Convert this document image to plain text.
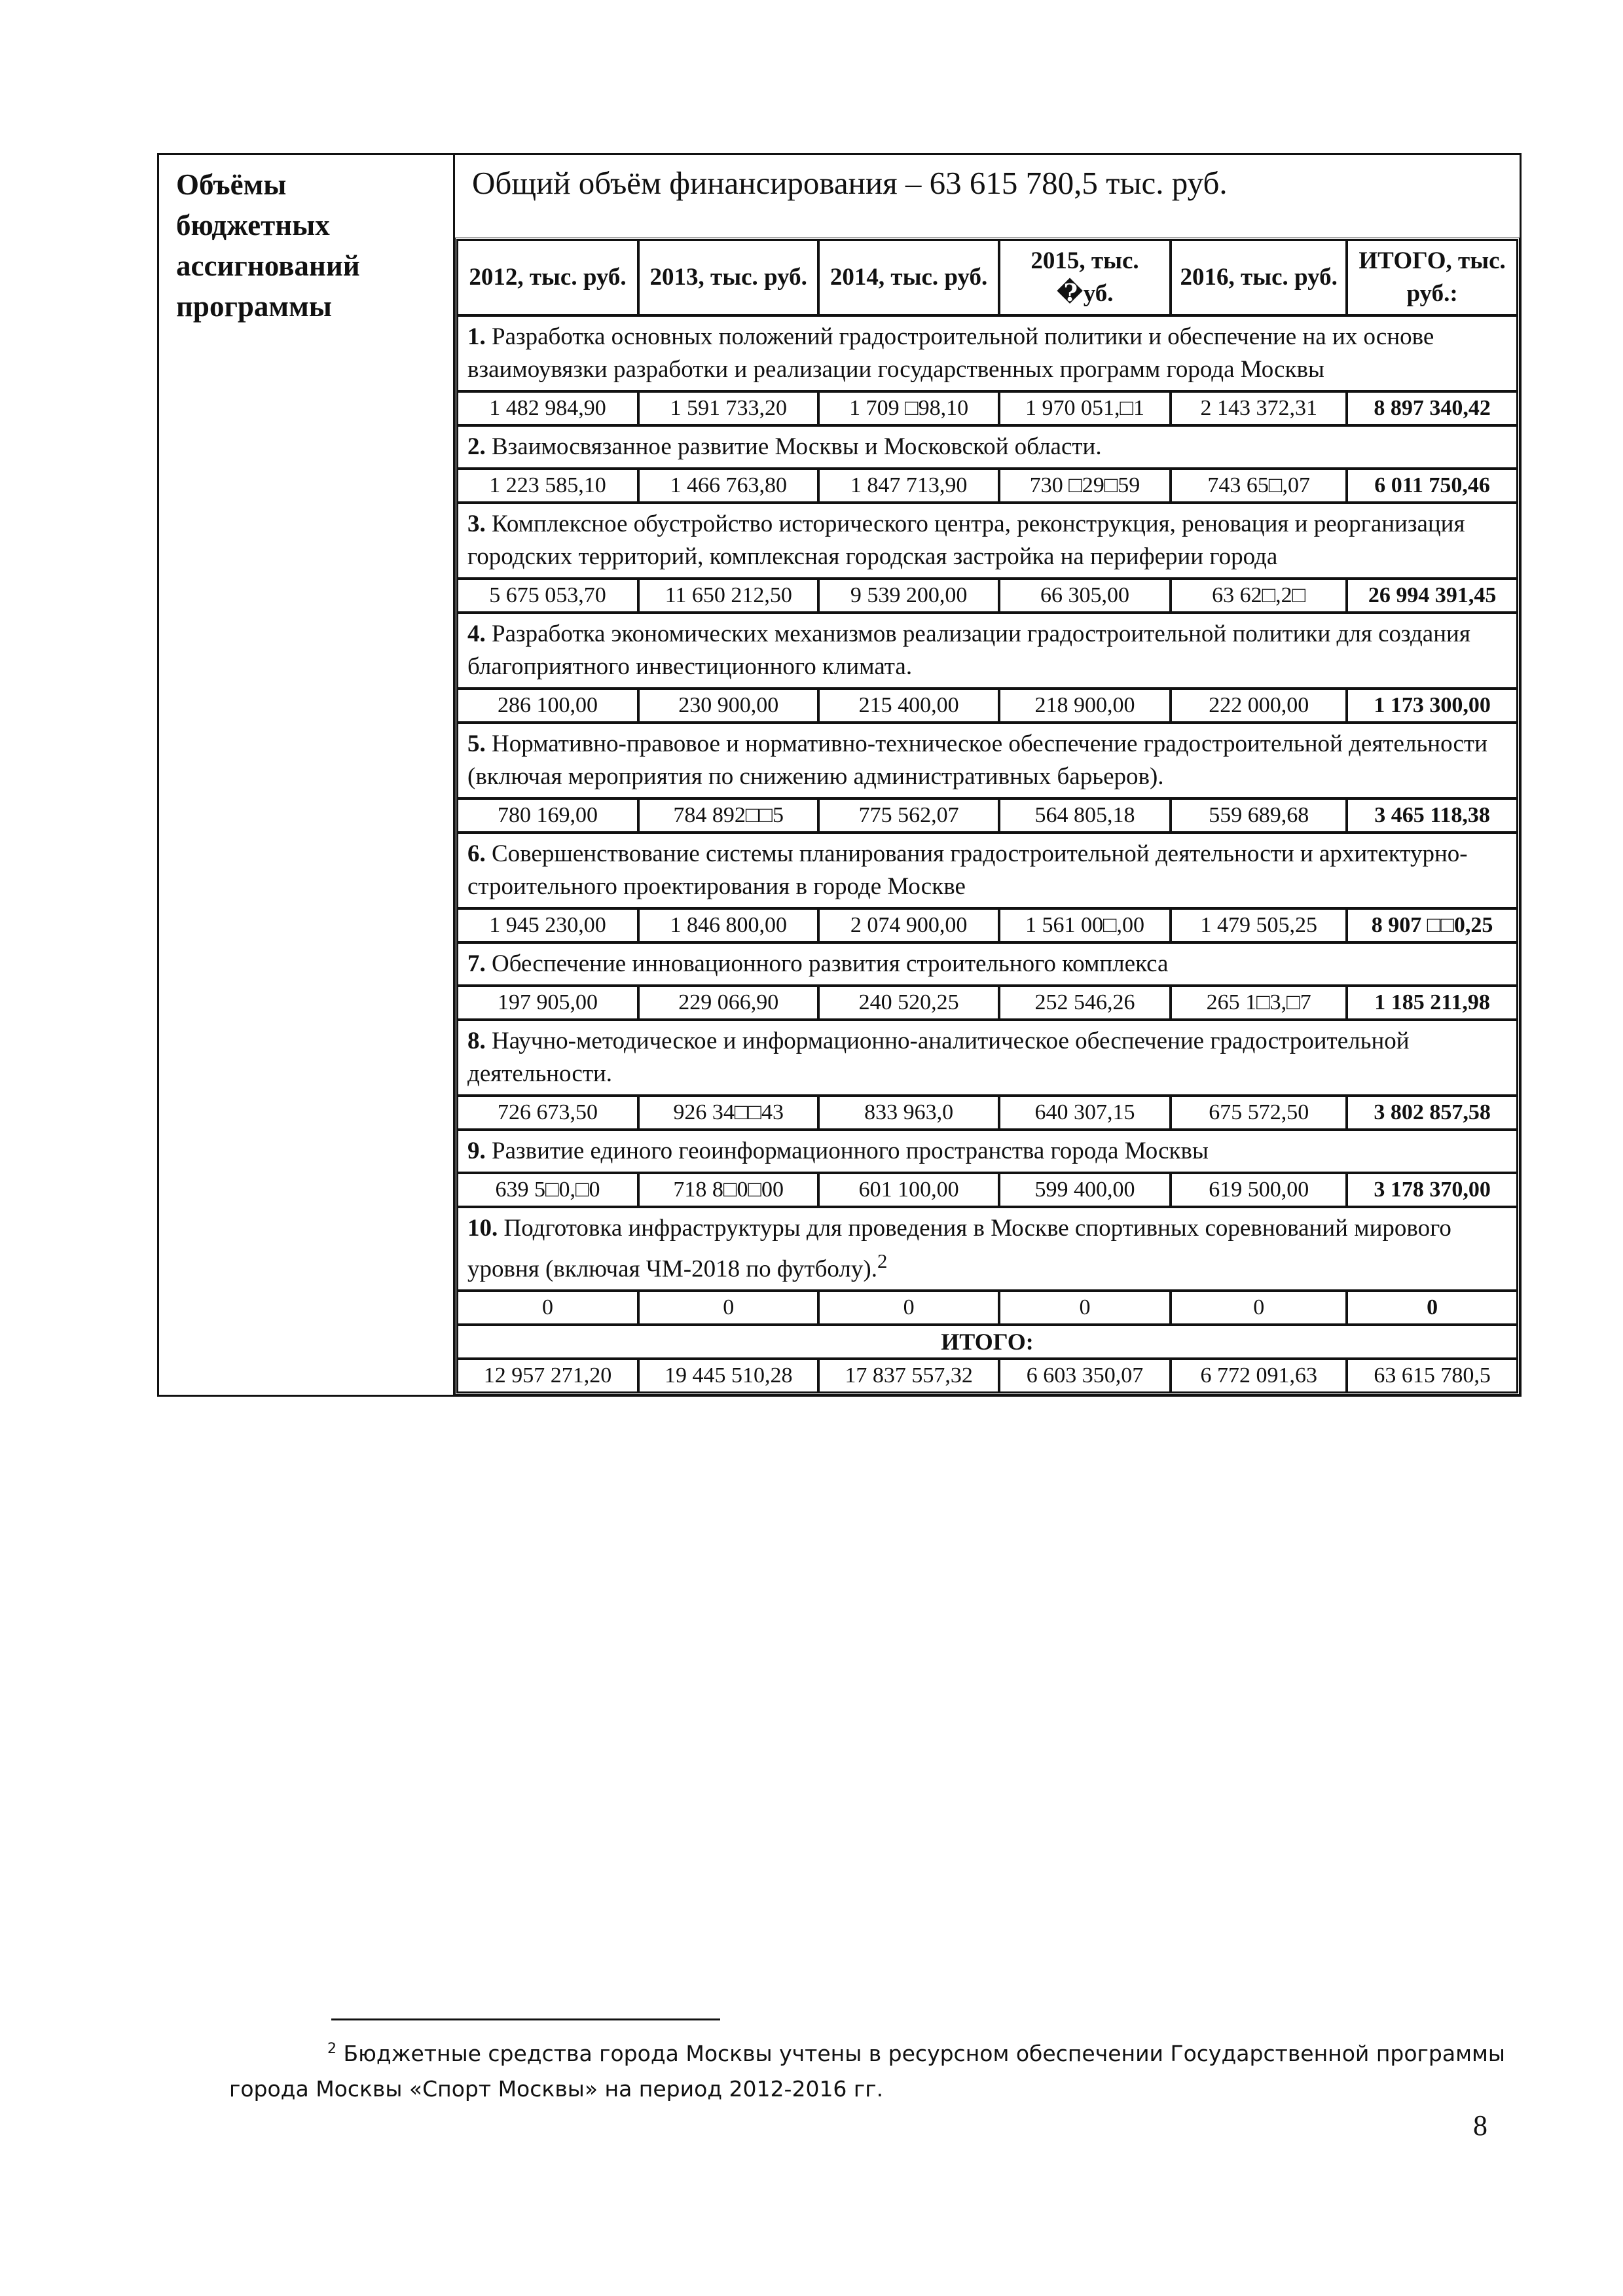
Объёмы бюджетных ассигнований программы
Общий объём финансирования – 63 615 780,5 тыс. руб.
2012, тыс. руб.	2013, тыс. руб.	2014, тыс. руб.	2015, тыс. �уб.	2016, тыс. руб.	ИТОГО, тыс. руб.:
1. Разработка основных положений градостроительной политики и обеспечение на их основе взаимоувязки разработки и реализации государственных программ города Москвы					
1 482 984,90	1 591 733,20	1 709 □98,10	1 970 051,□1	2 143 372,31	8 897 340,42
2. Взаимосвязанное развитие Москвы и Московской области.					
1 223 585,10	1 466 763,80	1 847 713,90	730 □29□59	743 65□,07	6 011 750,46
3. Комплексное обустройство исторического центра, реконструкция, реновация и реорганизация городских территорий, комплексная городская застройка на периферии города					
5 675 053,70	11 650 212,50	9 539 200,00	66 305,00	63 62□,2□	26 994 391,45
4. Разработка экономических механизмов реализации градостроительной политики для создания благоприятного инвестиционного климата.					
286 100,00	230 900,00	215 400,00	218 900,00	222 000,00	1 173 300,00
5. Нормативно-правовое и нормативно-техническое обеспечение градостроительной деятельности (включая мероприятия по снижению административных барьеров).					
780 169,00	784 892□□5	775 562,07	564 805,18	559 689,68	3 465 118,38
6. Совершенствование системы планирования градостроительной деятельности и архитектурно-строительного проектирования в городе Москве					
1 945 230,00	1 846 800,00	2 074 900,00	1 561 00□,00	1 479 505,25	8 907 □□0,25
7. Обеспечение инновационного развития строительного комплекса					
197 905,00	229 066,90	240 520,25	252 546,26	265 1□3,□7	1 185 211,98
8. Научно-методическое и информационно-аналитическое обеспечение градостроительной деятельности.					
726 673,50	926 34□□43	833 963,0	640 307,15	675 572,50	3 802 857,58
9. Развитие единого геоинформационного пространства города Москвы					
639 5□0,□0	718 8□0□00	601 100,00	599 400,00	619 500,00	3 178 370,00
10. Подготовка инфраструктуры для проведения в Москве спортивных соревнований мирового уровня (включая ЧМ-2018 по футболу).$^2$
0	0	0	0	0	0
ИТОГО:					
12 957 271,20	19 445 510,28	17 837 557,32	6 603 350,07	6 772 091,63	63 615 780,5
$^2$ Бюджетные средства города Москвы учтены в ресурсном обеспечении Государственной программы города Москвы «Спорт Москвы» на период 2012-2016 гг.
8
